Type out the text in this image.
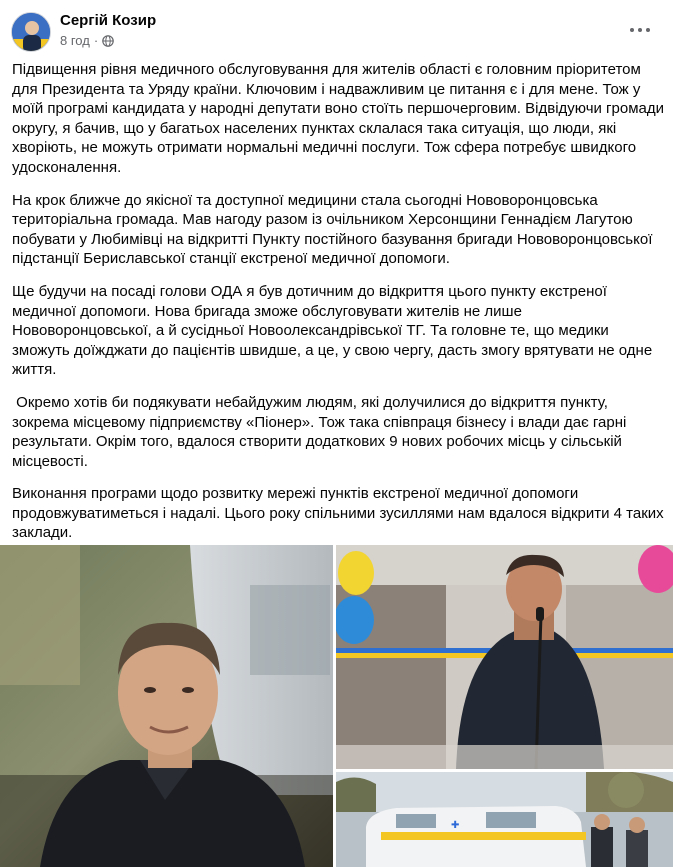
Сергій Козир
8 год ·

Підвищення рівня медичного обслуговування для жителів області є головним пріоритетом для Президента та Уряду країни. Ключовим і надважливим це питання є і для мене. Тож у моїй програмі кандидата у народні депутати воно стоїть першочерговим. Відвідуючи громади округу, я бачив, що у багатьох населених пунктах склалася така ситуація, що люди, які хворіють, не можуть отримати нормальні медичні послуги. Тож сфера потребує швидкого удосконалення.

На крок ближче до якісної та доступної медицини стала сьогодні Нововоронцовська територіальна громада. Мав нагоду разом із очільником Херсонщини Геннадієм Лагутою побувати у Любимівці на відкритті Пункту постійного базування бригади Нововоронцовської підстанції Бериславської станції екстреної медичної допомоги.

Ще будучи на посаді голови ОДА я був дотичним до відкриття цього пункту екстреної медичної допомоги. Нова бригада зможе обслуговувати жителів не лише Нововоронцовської, а й сусідньої Новоолександрівської ТГ. Та головне те, що медики зможуть доїжджати до пацієнтів швидше, а це, у свою чергу, дасть змогу врятувати не одне життя.

Окремо хотів би подякувати небайдужим людям, які долучилися до відкриття пункту, зокрема місцевому підприємству «Піонер». Тож така співпраця бізнесу і влади дає гарні результати. Окрім того, вдалося створити додаткових 9 нових робочих місць у сільській місцевості.

Виконання програми щодо розвитку мережі пунктів екстреної медичної допомоги продовжуватиметься і надалі. Цього року спільними зусиллями нам вдалося відкрити 4 таких заклади.

✚
